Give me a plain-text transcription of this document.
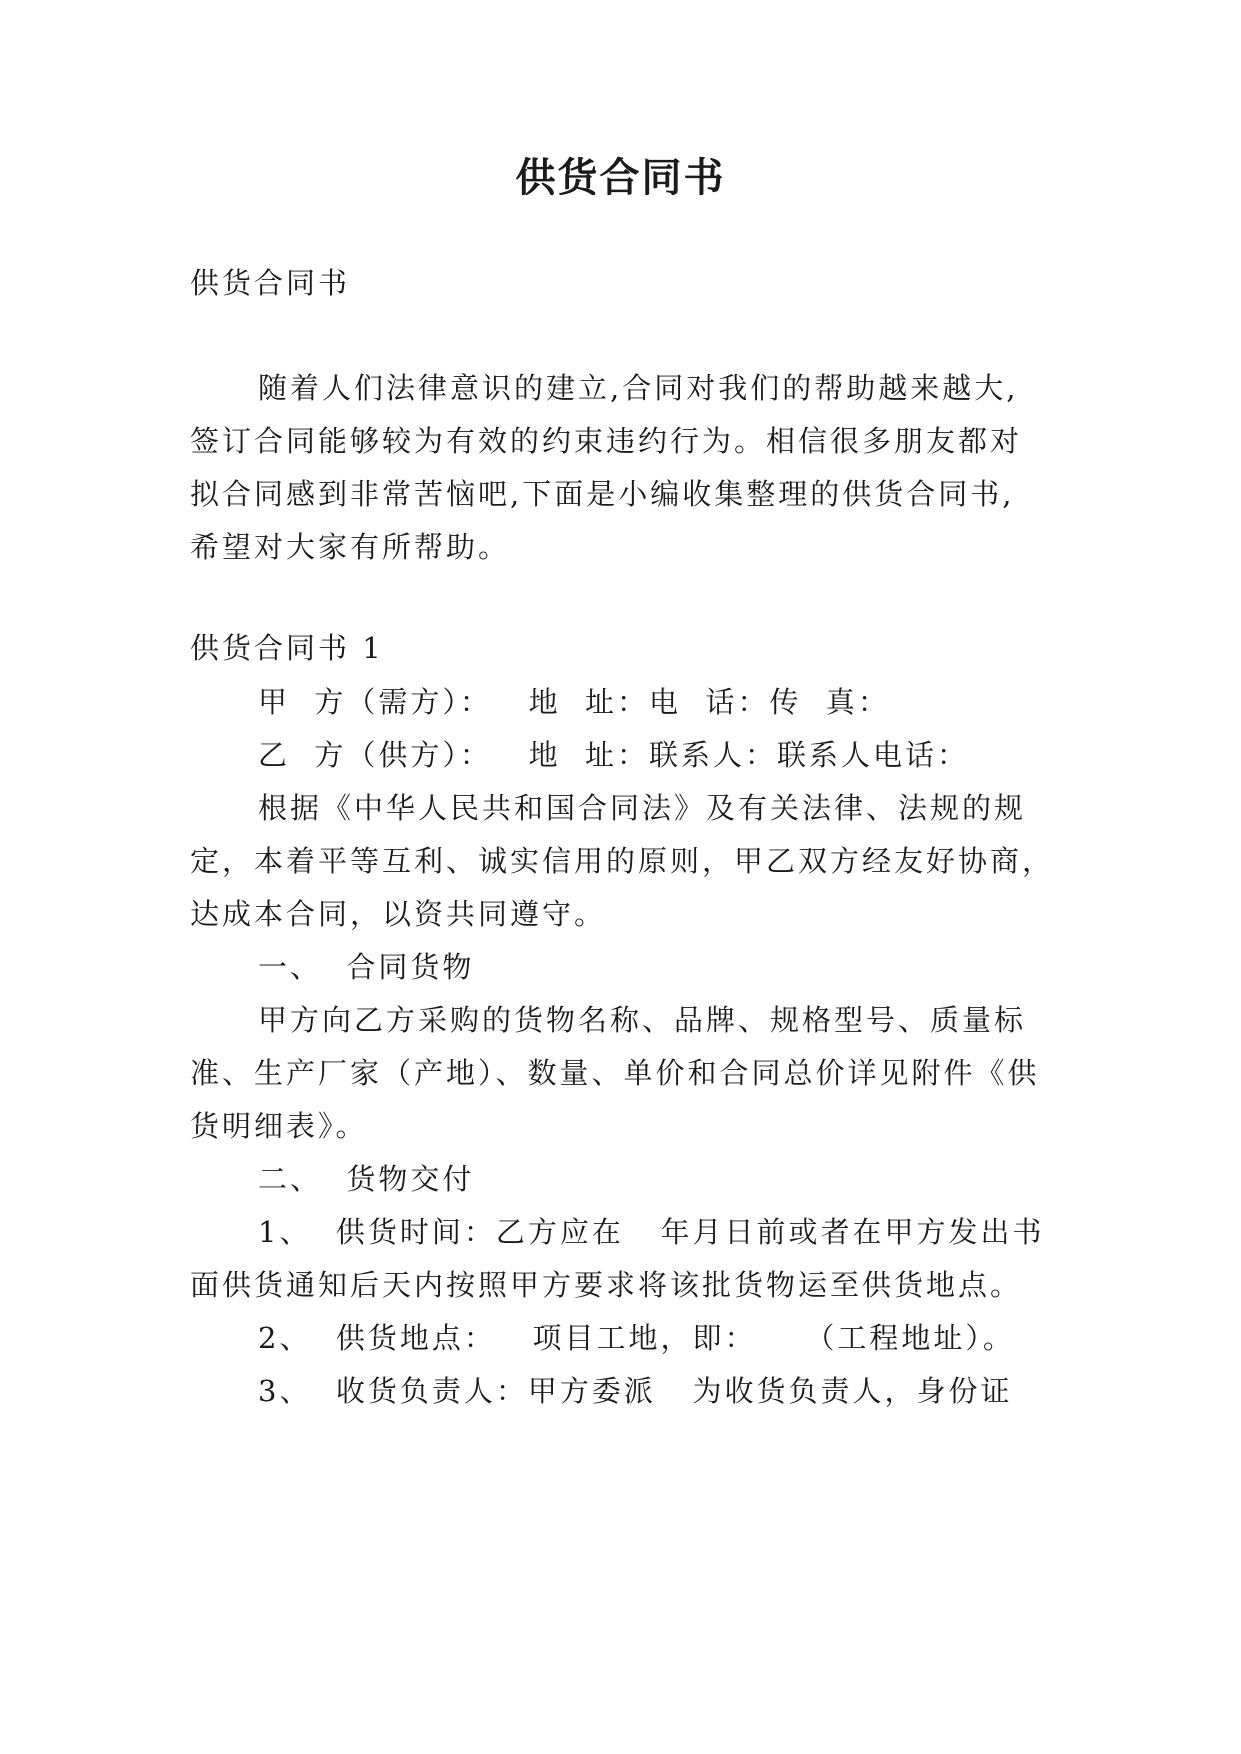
供货合同书

供货合同书

随着人们法律意识的建立,合同对我们的帮助越来越大,

签订合同能够较为有效的约束违约行为。相信很多朋友都对

拟合同感到非常苦恼吧,下面是小编收集整理的供货合同书,

希望对大家有所帮助。

供货合同书 1

甲  方（需方）：   地  址：电  话：传  真：

乙  方（供方）：   地  址：联系人：联系人电话：

根据《中华人民共和国合同法》及有关法律、法规的规

定，本着平等互利、诚实信用的原则，甲乙双方经友好协商，

达成本合同，以资共同遵守。

一、  合同货物

甲方向乙方采购的货物名称、品牌、规格型号、质量标

准、生产厂家（产地）、数量、单价和合同总价详见附件《供

货明细表》。

二、  货物交付

1、  供货时间：乙方应在   年月日前或者在甲方发出书

面供货通知后天内按照甲方要求将该批货物运至供货地点。

2、  供货地点：   项目工地，即：    （工程地址）。

3、  收货负责人：甲方委派   为收货负责人，身份证
